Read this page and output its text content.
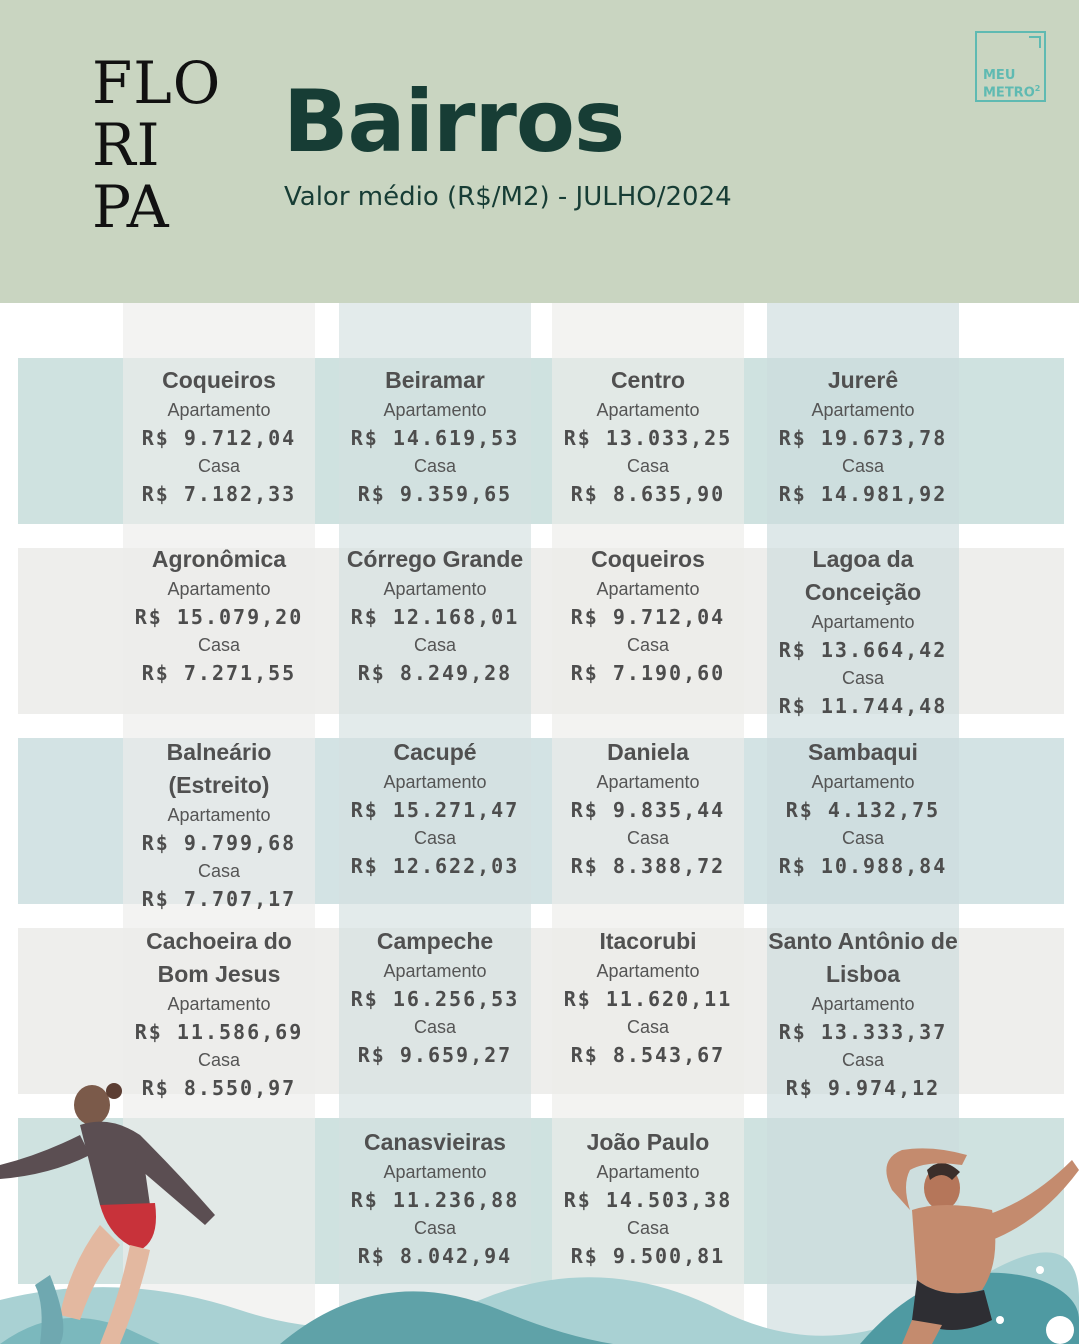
FLO
RI
PA
Bairros
Valor médio (R$/M2) - JULHO/2024
MEU
METRO$^2$
Coqueiros
Apartamento
R$ 9.712,04
Casa
R$ 7.182,33
Beiramar
Apartamento
R$ 14.619,53
Casa
R$ 9.359,65
Centro
Apartamento
R$ 13.033,25
Casa
R$ 8.635,90
Jurerê
Apartamento
R$ 19.673,78
Casa
R$ 14.981,92
Agronômica
Apartamento
R$ 15.079,20
Casa
R$ 7.271,55
Córrego Grande
Apartamento
R$ 12.168,01
Casa
R$ 8.249,28
Coqueiros
Apartamento
R$ 9.712,04
Casa
R$ 7.190,60
Lagoa da Conceição
Apartamento
R$ 13.664,42
Casa
R$ 11.744,48
Balneário (Estreito)
Apartamento
R$ 9.799,68
Casa
R$ 7.707,17
Cacupé
Apartamento
R$ 15.271,47
Casa
R$ 12.622,03
Daniela
Apartamento
R$ 9.835,44
Casa
R$ 8.388,72
Sambaqui
Apartamento
R$ 4.132,75
Casa
R$ 10.988,84
Cachoeira do Bom Jesus
Apartamento
R$ 11.586,69
Casa
R$ 8.550,97
Campeche
Apartamento
R$ 16.256,53
Casa
R$ 9.659,27
Itacorubi
Apartamento
R$ 11.620,11
Casa
R$ 8.543,67
Santo Antônio de Lisboa
Apartamento
R$ 13.333,37
Casa
R$ 9.974,12
Canasvieiras
Apartamento
R$ 11.236,88
Casa
R$ 8.042,94
João Paulo
Apartamento
R$ 14.503,38
Casa
R$ 9.500,81
